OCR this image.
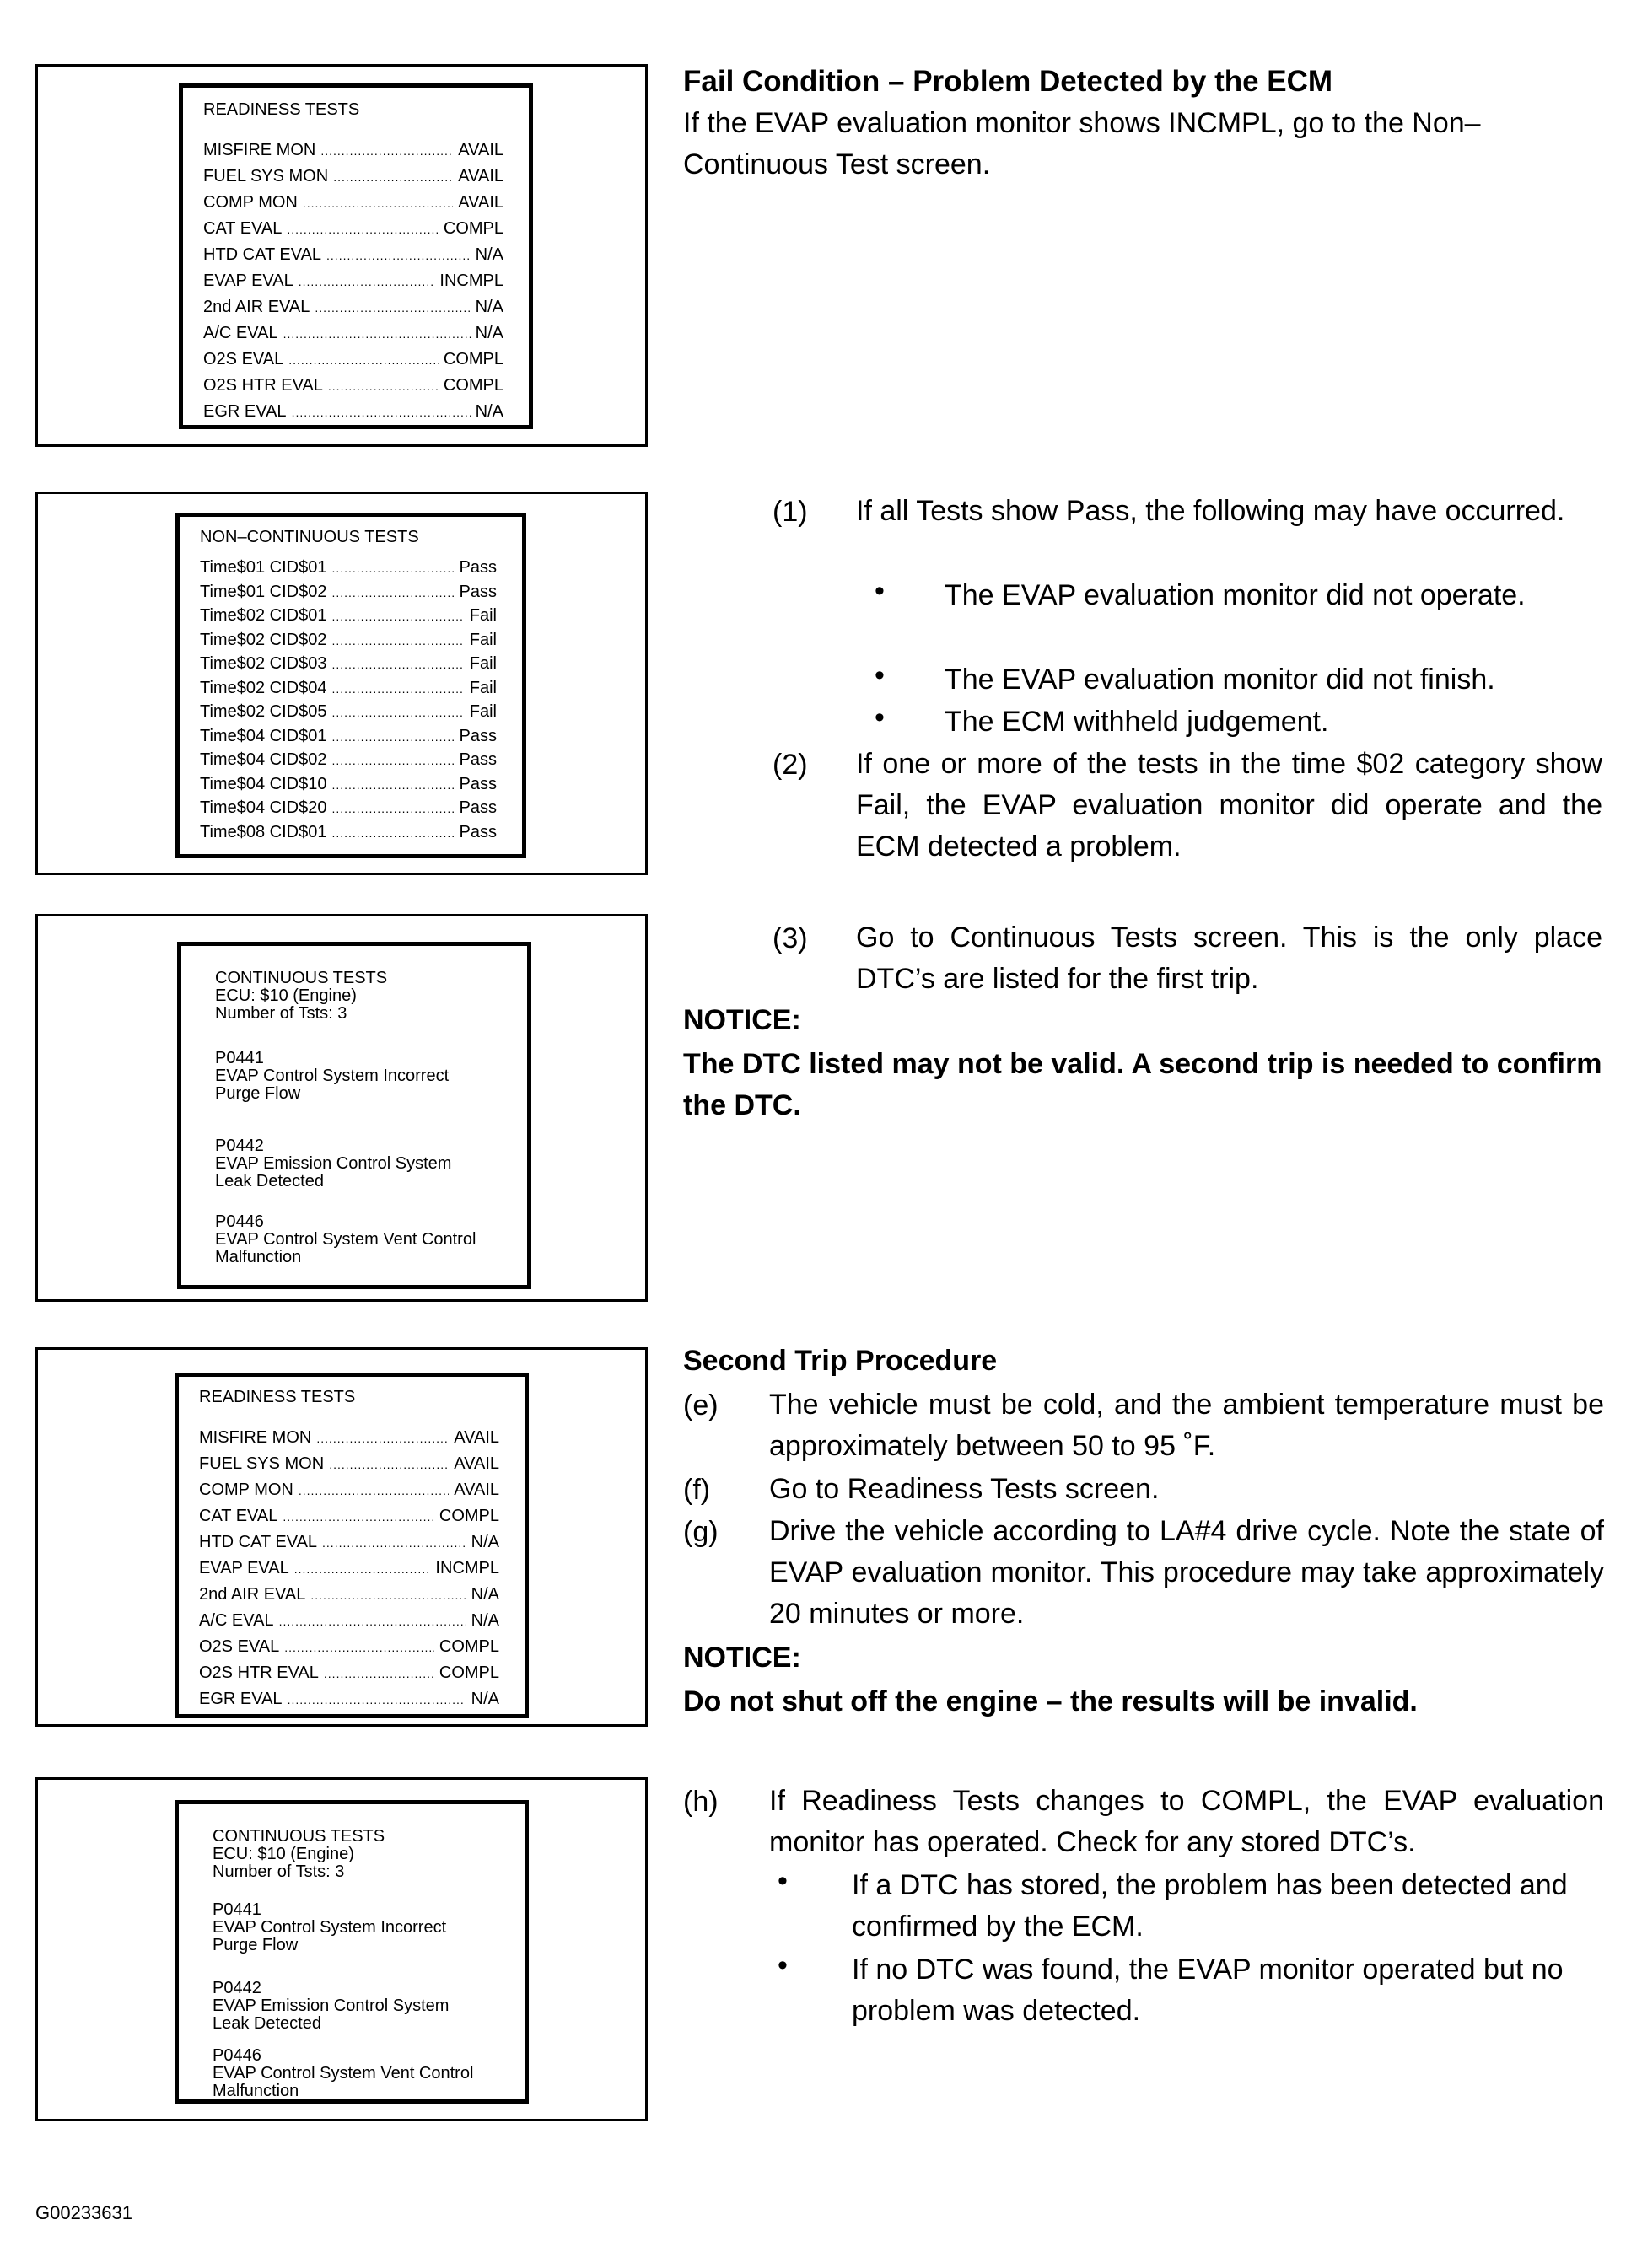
READINESS TESTS
MISFIRE MON .....	AVAIL
FUEL SYS MON .....	AVAIL
COMP MON .....	AVAIL
CAT EVAL .....	COMPL
HTD CAT EVAL .....	N/A
EVAP EVAL .....	INCMPL
2nd AIR EVAL .....	N/A
A/C EVAL .....	N/A
O2S EVAL .....	COMPL
O2S HTR EVAL .....	COMPL
EGR EVAL .....	N/A
NON–CONTINUOUS TESTS
Time$01 CID$01 .....	Pass
Time$01 CID$02 .....	Pass
Time$02 CID$01 .....	Fail
Time$02 CID$02 .....	Fail
Time$02 CID$03 .....	Fail
Time$02 CID$04 .....	Fail
Time$02 CID$05 .....	Fail
Time$04 CID$01 .....	Pass
Time$04 CID$02 .....	Pass
Time$04 CID$10 .....	Pass
Time$04 CID$20 .....	Pass
Time$08 CID$01 .....	Pass
CONTINUOUS TESTS
ECU: $10 (Engine)
Number of Tsts: 3
P0441
EVAP Control System Incorrect
Purge Flow
P0442
EVAP Emission Control System
Leak Detected
P0446
EVAP Control System Vent Control
Malfunction
READINESS TESTS
MISFIRE MON .....	AVAIL
FUEL SYS MON .....	AVAIL
COMP MON .....	AVAIL
CAT EVAL .....	COMPL
HTD CAT EVAL .....	N/A
EVAP EVAL .....	INCMPL
2nd AIR EVAL .....	N/A
A/C EVAL .....	N/A
O2S EVAL .....	COMPL
O2S HTR EVAL .....	COMPL
EGR EVAL .....	N/A
CONTINUOUS TESTS
ECU: $10 (Engine)
Number of Tsts: 3
P0441
EVAP Control System Incorrect
Purge Flow
P0442
EVAP Emission Control System
Leak Detected
P0446
EVAP Control System Vent Control
Malfunction
Fail Condition – Problem Detected by the ECM
If the EVAP evaluation monitor shows INCMPL, go to the Non–Continuous Test screen.
(1) If all Tests show Pass, the following may have occurred.
• The EVAP evaluation monitor did not operate.
• The EVAP evaluation monitor did not finish.
• The ECM withheld judgement.
(2) If one or more of the tests in the time $02 category show Fail, the EVAP evaluation monitor did operate and the ECM detected a problem.
(3) Go to Continuous Tests screen. This is the only place DTC’s are listed for the first trip.
NOTICE:
The DTC listed may not be valid. A second trip is needed to confirm the DTC.
Second Trip Procedure
(e) The vehicle must be cold, and the ambient temperature must be approximately between 50 to 95 ˚F.
(f) Go to Readiness Tests screen.
(g) Drive the vehicle according to LA#4 drive cycle. Note the state of EVAP evaluation monitor. This procedure may take approximately 20 minutes or more.
NOTICE:
Do not shut off the engine – the results will be invalid.
(h) If Readiness Tests changes to COMPL, the EVAP evaluation monitor has operated. Check for any stored DTC’s.
• If a DTC has stored, the problem has been detected and confirmed by the ECM.
• If no DTC was found, the EVAP monitor operated but no problem was detected.
G00233631
